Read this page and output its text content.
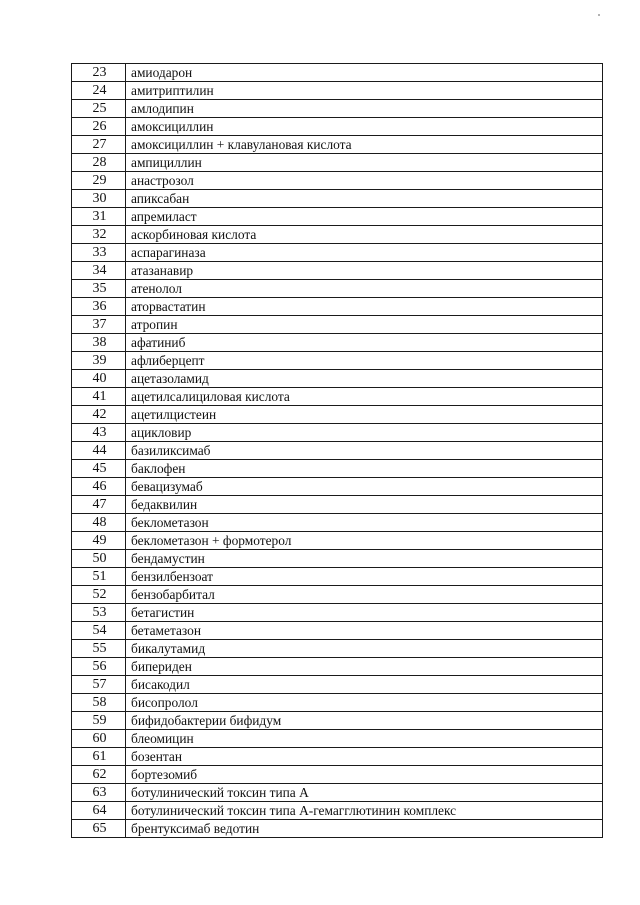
23	амиодарон
24	амитриптилин
25	амлодипин
26	амоксициллин
27	амоксициллин + клавулановая кислота
28	ампициллин
29	анастрозол
30	апиксабан
31	апремиласт
32	аскорбиновая кислота
33	аспарагиназа
34	атазанавир
35	атенолол
36	аторвастатин
37	атропин
38	афатиниб
39	афлиберцепт
40	ацетазоламид
41	ацетилсалициловая кислота
42	ацетилцистеин
43	ацикловир
44	базиликсимаб
45	баклофен
46	бевацизумаб
47	бедаквилин
48	беклометазон
49	беклометазон + формотерол
50	бендамустин
51	бензилбензоат
52	бензобарбитал
53	бетагистин
54	бетаметазон
55	бикалутамид
56	бипериден
57	бисакодил
58	бисопролол
59	бифидобактерии бифидум
60	блеомицин
61	бозентан
62	бортезомиб
63	ботулинический токсин типа А
64	ботулинический токсин типа А-гемагглютинин комплекс
65	брентуксимаб ведотин
